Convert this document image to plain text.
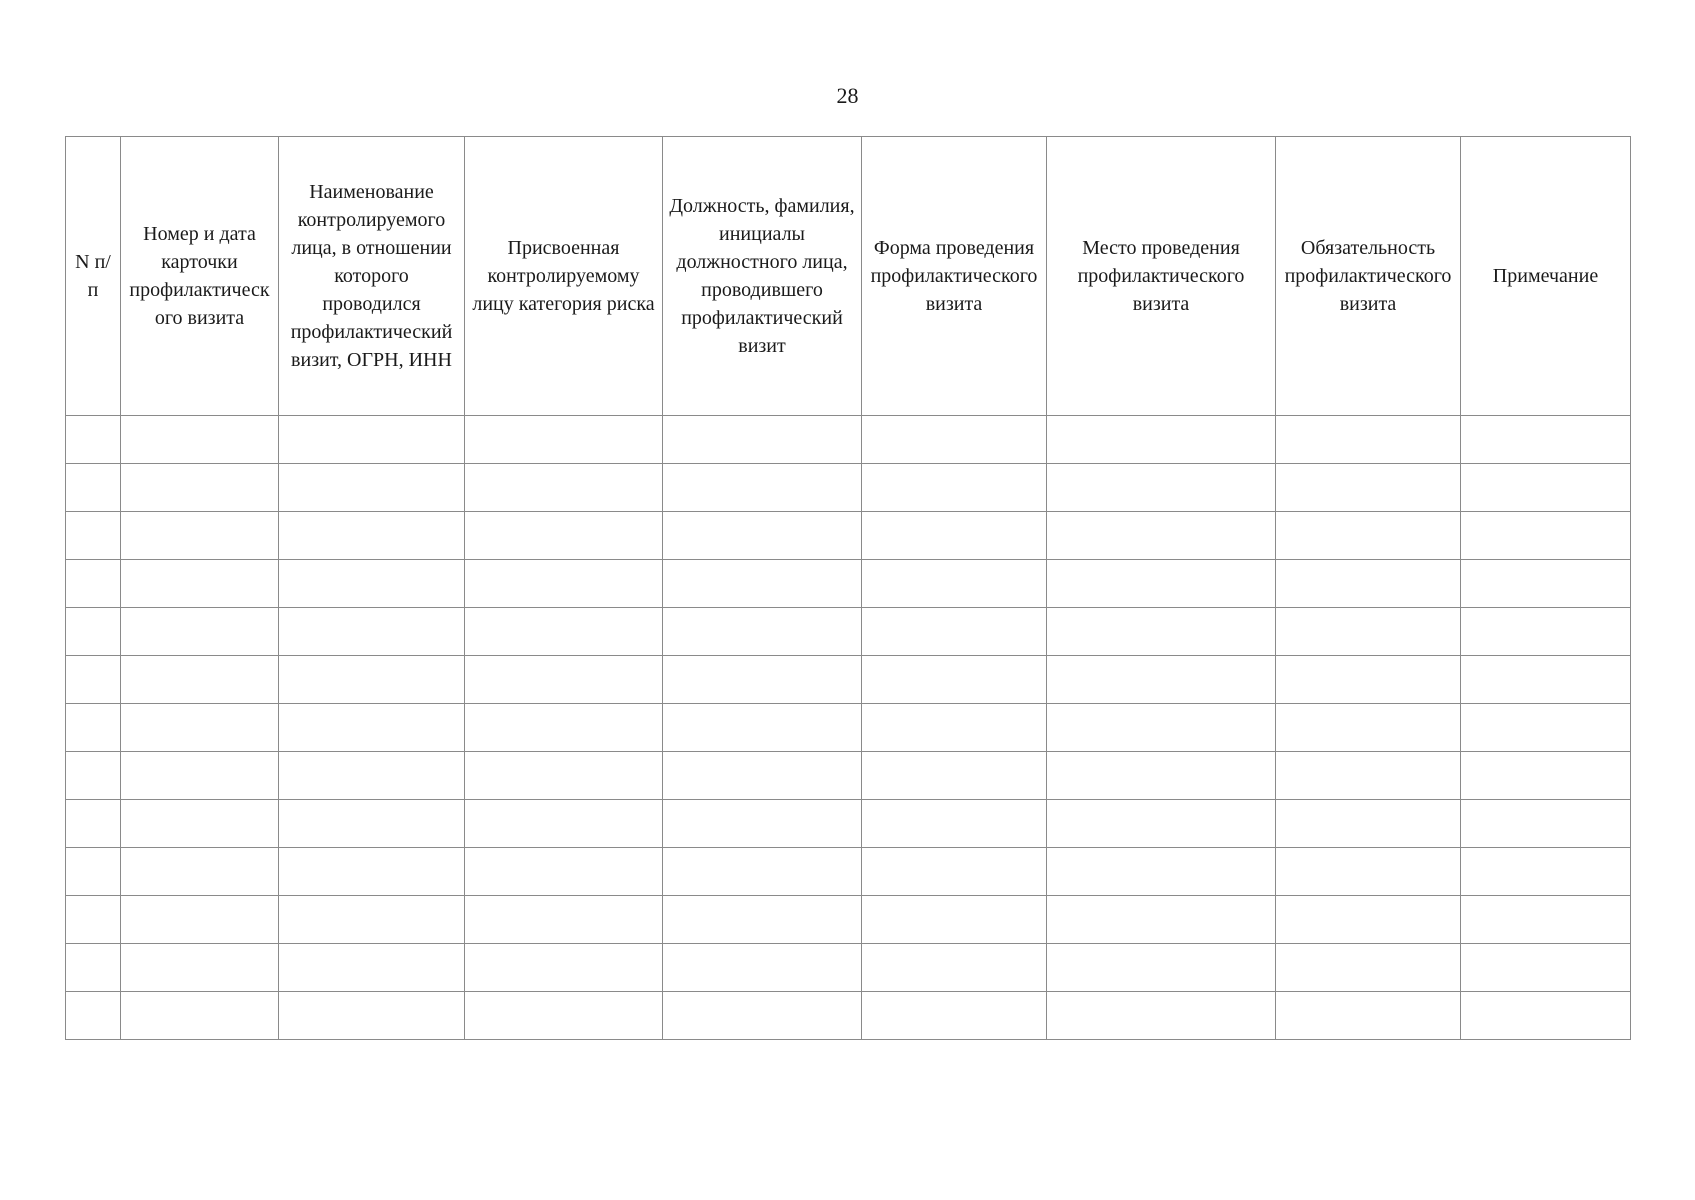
28
N п/п	Номер и дата карточки профилактического визита	Наименование контролируемого лица, в отношении которого проводился профилактический визит, ОГРН, ИНН	Присвоенная контролируемому лицу категория риска	Должность, фамилия, инициалы должностного лица, проводившего профилактический визит	Форма проведения профилактического визита	Место проведения профилактического визита	Обязательность профилактического визита	Примечание
